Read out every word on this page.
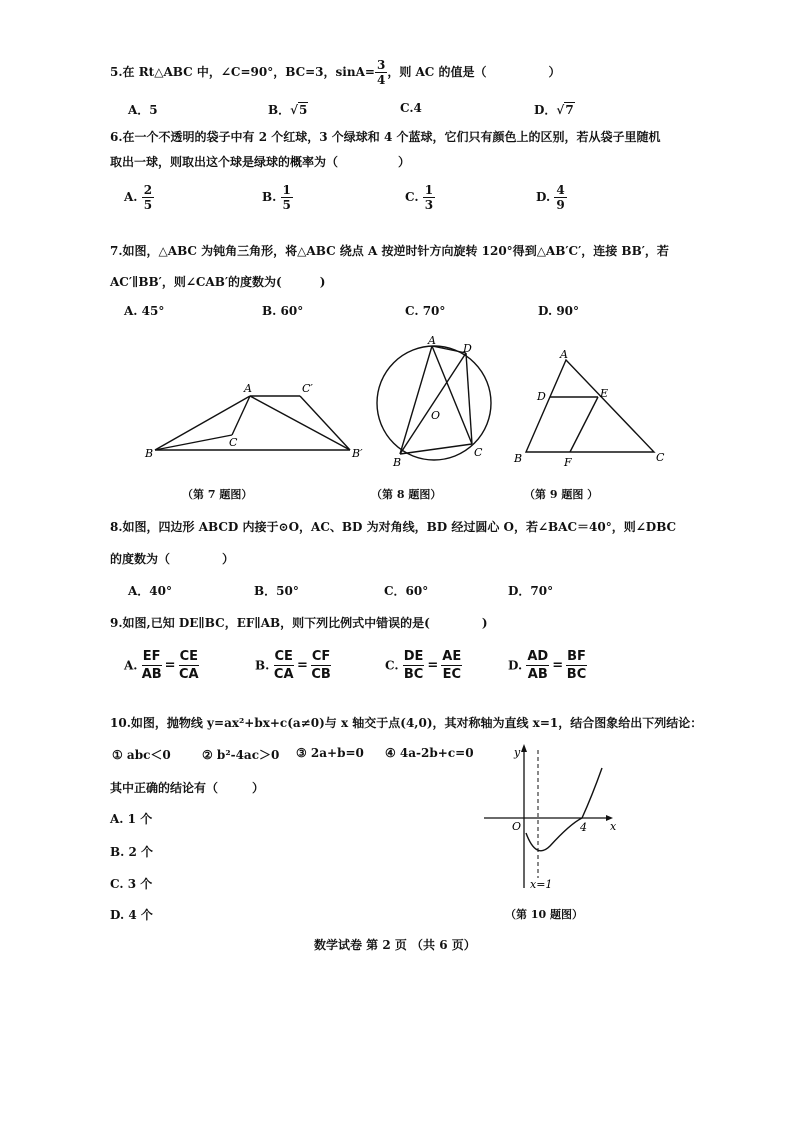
5.在 Rt△ABC 中，∠C=90°，BC=3，$\sin A= \frac{3}{4}$ ，则 AC 的值是（	）
A．5	B．√5	C.4	D．√7
6.在一个不透明的袋子中有 2 个红球，3 个绿球和 4 个蓝球，它们只有颜色上的区别，若从袋子里随机
取出一球，则取出这个球是绿球的概率为（	）
A. $\frac{2}{5}$	B. $\frac{1}{5}$	C. $\frac{1}{3}$	D. $\frac{4}{9}$
7.如图，△ABC 为钝角三角形，将△ABC 绕点 A 按逆时针方向旋转 120°得到△AB′C′，连接 BB′，若
AC′∥BB′，则∠CAB′的度数为(	)
A. 45°	B. 60°	C. 70°	D. 90°
A
B
C
C′
B′
A
D
O
B
C
A
D	E
B	F	C
（第 7 题图）	（第 8 题图）	（第 9 题图 ）
8.如图，四边形 ABCD 内接于⊙O，AC、BD 为对角线，BD 经过圆心 O，若∠BAC＝40°，则∠DBC
的度数为（	）
A．40°	B．50°	C．60°	D．70°
9.如图,已知 DE∥BC，EF∥AB，则下列比例式中错误的是(	)
A. $\frac{EF}{AB} = \frac{CE}{CA}$	B. $\frac{CE}{CA} = \frac{CF}{CB}$	C. $\frac{DE}{BC} = \frac{AE}{EC}$	D. $\frac{AD}{AB} = \frac{BF}{BC}$
10.如图，抛物线 y=ax²+bx+c(a≠0)与 x 轴交于点(4,0)，其对称轴为直线 x=1，结合图象给出下列结论：
① abc＜0	② b²-4ac＞0 ③ 2a+b=0 ④ 4a-2b+c=0
其中正确的结论有（	）
A. 1 个
B. 2 个
C. 3 个
D. 4 个
O	4 x
y
x=1
（第 10 题图）
数学试卷 第 2 页 （共 6 页）
